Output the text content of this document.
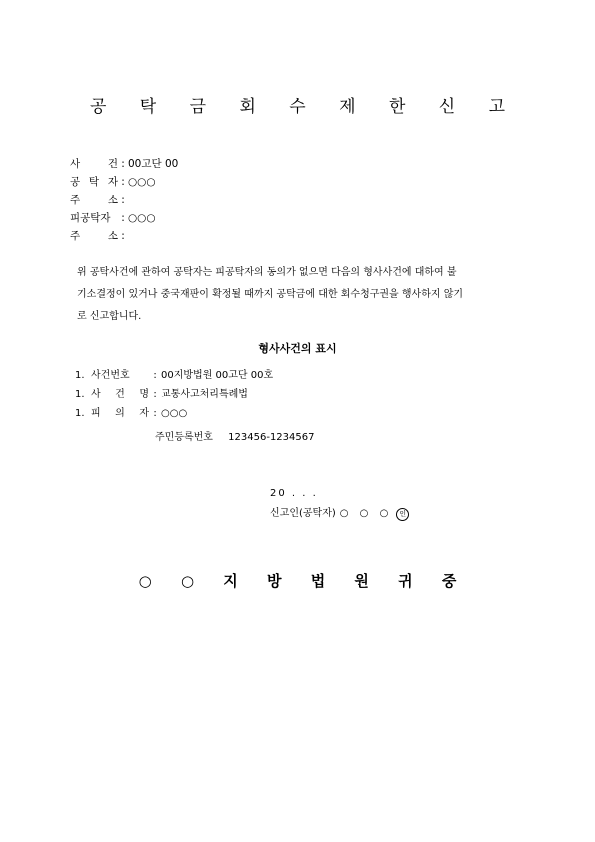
공 탁 금 회 수 제 한 신 고
사 건 : 00고단 00
공 탁 자 : ○○○
주 소 :
피공탁자	: ○○○
주 소 :
위 공탁사건에 관하여 공탁자는 피공탁자의 동의가 없으면 다음의 형사사건에 대하여 불
기소결정이 있거나 중국재판이 확정될 때까지 공탁금에 대한 회수청구권을 행사하지 않기
로 신고합니다.
형사사건의 표시
1. 사건번호	: 00지방법원 00고단 00호
1. 사 건 명 : 교통사고처리특례법
1. 피 의 자 : ○○○
주민등록번호 123456-1234567
20 . . .
신고인(공탁자) ○ ○ ○	인
○ ○ 지 방 법 원 귀 중
